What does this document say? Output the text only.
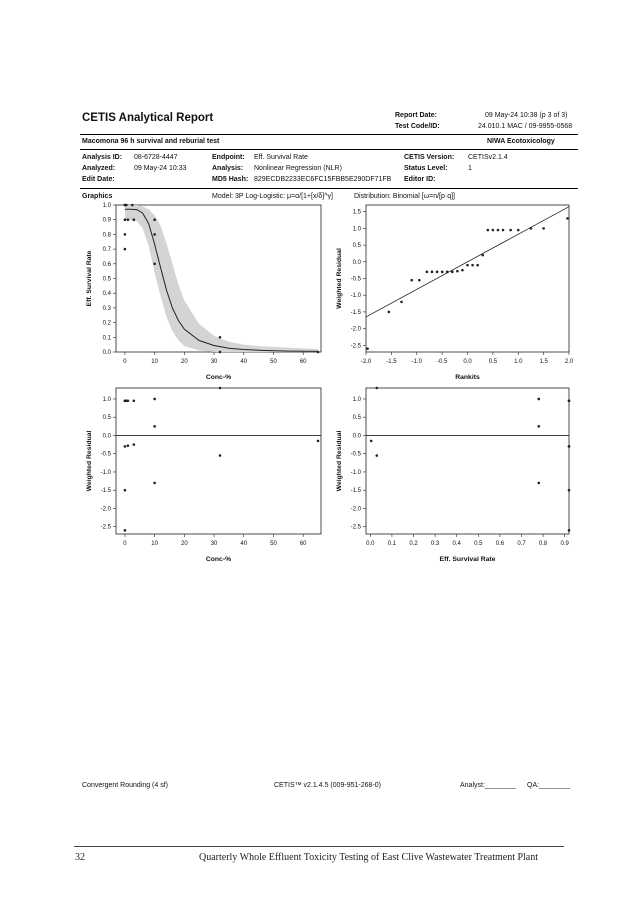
CETIS Analytical Report	Report Date:	09 May-24 10:38 (p 3 of 3)
Test Code/ID:	24.010.1 MAC / 09-9955-0568
Macomona 96 h survival and reburial test	NIWA Ecotoxicology
Analysis ID: 08-6728-4447
Analyzed:	09 May-24 10:33
Edit Date:
Endpoint: Eff. Survival Rate
Analysis: Nonlinear Regression (NLR)
MD5 Hash: 829ECDB2233EC6FC15FBB5E290DF71FB
CETIS Version: CETISv2.1.4
Status Level:	1
Editor ID:
Graphics	Model: 3P Log-Logistic: μ=α/[1+[x/δ]^γ]	Distribution: Binomial [ω=n/[p·q]]
0	10	20	30	40	50	60
0.0
0.1
0.2
0.3
0.4
0.5
0.6
0.7
0.8
0.9
1.0
Conc-%
Eff. Survival Rate
-2.0	-1.5	-1.0	-0.5	0.0	0.5	1.0	1.5	2.0
-2.5
-2.0
-1.5
-1.0
-0.5
0.0
0.5
1.0
1.5
Rankits
Weighted Residual
0	10	20	30	40	50	60
-2.5
-2.0
-1.5
-1.0
-0.5
0.0
0.5
1.0
Conc-%
Weighted Residual
0.0 0.1 0.2 0.3 0.4 0.5 0.6 0.7 0.8 0.9
-2.5
-2.0
-1.5
-1.0
-0.5
0.0
0.5
1.0
Eff. Survival Rate
Weighted Residual
Convergent Rounding (4 sf)	CETIS™ v2.1.4.5 (009-951-268-0)	Analyst:________ QA:________
32	Quarterly Whole Effluent Toxicity Testing of East Clive Wastewater Treatment Plant
